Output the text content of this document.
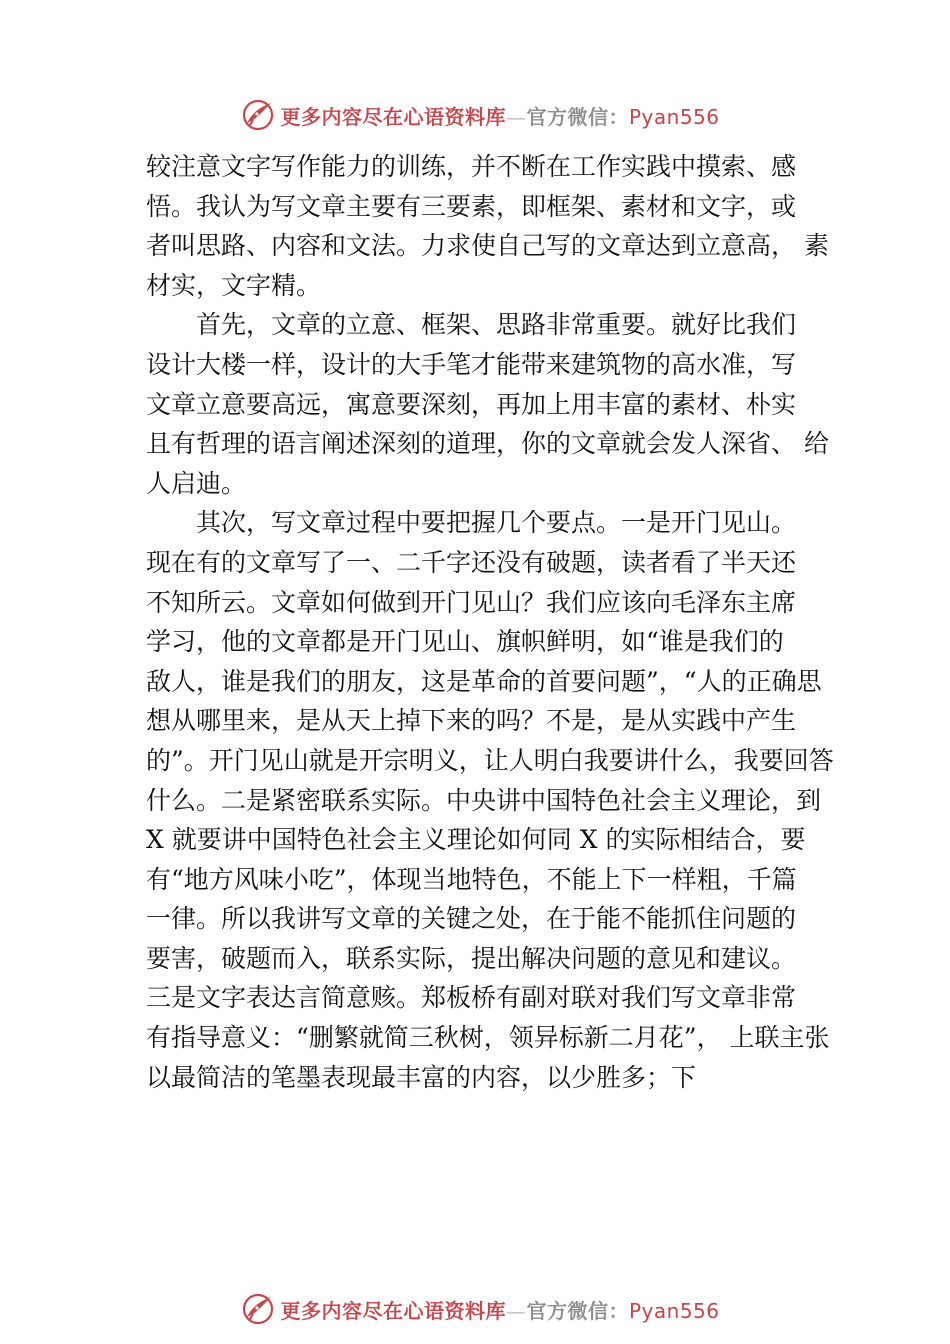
更多内容尽在心语资料库—官方微信：Pyan556
较注意文字写作能力的训练，并不断在工作实践中摸索、感
悟。我认为写文章主要有三要素，即框架、素材和文字，或
者叫思路、内容和文法。力求使自己写的文章达到立意高， 素
材实，文字精。
首先，文章的立意、框架、思路非常重要。就好比我们
设计大楼一样，设计的大手笔才能带来建筑物的高水准，写
文章立意要高远，寓意要深刻，再加上用丰富的素材、朴实
且有哲理的语言阐述深刻的道理，你的文章就会发人深省、 给
人启迪。
其次，写文章过程中要把握几个要点。一是开门见山。
现在有的文章写了一、二千字还没有破题，读者看了半天还
不知所云。文章如何做到开门见山？我们应该向毛泽东主席
学习，他的文章都是开门见山、旗帜鲜明，如“谁是我们的
敌人，谁是我们的朋友，这是革命的首要问题”，“人的正确思
想从哪里来，是从天上掉下来的吗？不是，是从实践中产生
的”。开门见山就是开宗明义，让人明白我要讲什么，我要回答
什么。二是紧密联系实际。中央讲中国特色社会主义理论，到
X 就要讲中国特色社会主义理论如何同 X 的实际相结合，要
有“地方风味小吃”，体现当地特色，不能上下一样粗，千篇
一律。所以我讲写文章的关键之处，在于能不能抓住问题的
要害，破题而入，联系实际，提出解决问题的意见和建议。
三是文字表达言简意赅。郑板桥有副对联对我们写文章非常
有指导意义：“删繁就简三秋树，领异标新二月花”， 上联主张
以最简洁的笔墨表现最丰富的内容，以少胜多；下
更多内容尽在心语资料库—官方微信：Pyan556
